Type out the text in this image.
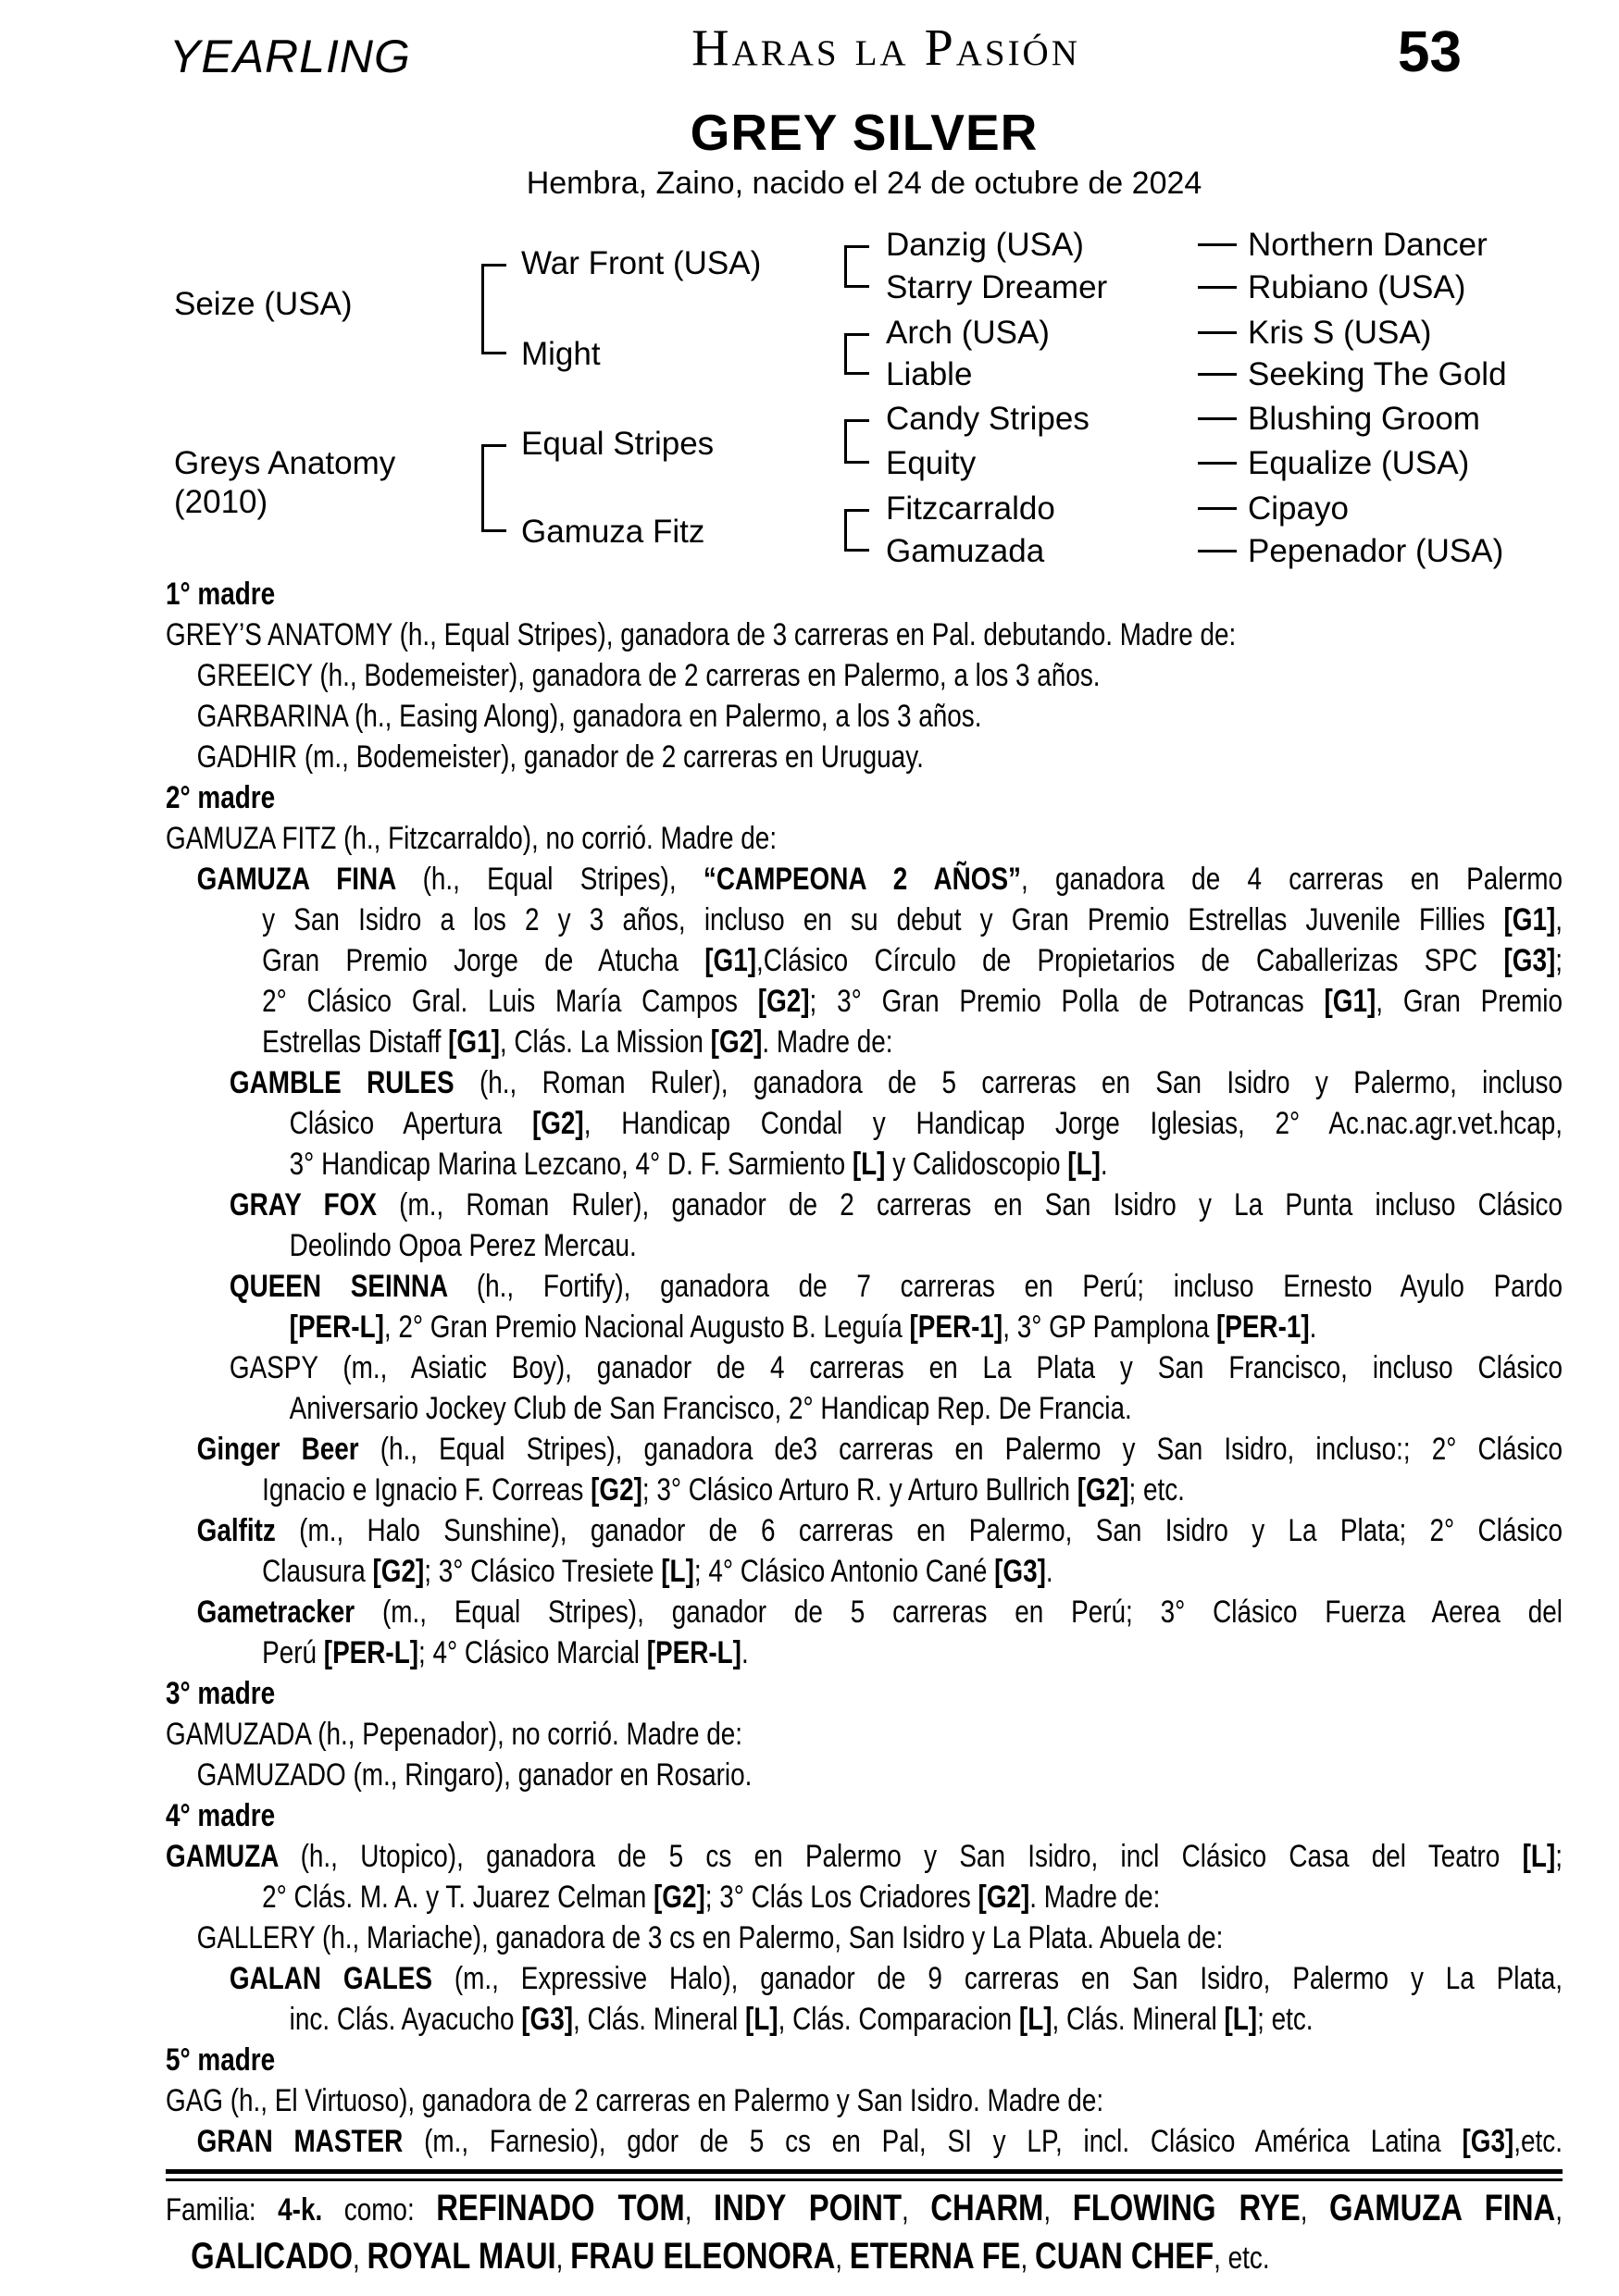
YEARLING	Haras la Pasión	53
GREY SILVER
Hembra, Zaino, nacido el 24 de octubre de 2024
Seize (USA)
Greys Anatomy
(2010)
War Front (USA)
Might
Equal Stripes
Gamuza Fitz
Danzig (USA)
Starry Dreamer
Arch (USA)
Liable
Candy Stripes
Equity
Fitzcarraldo
Gamuzada
Northern Dancer
Rubiano (USA)
Kris S (USA)
Seeking The Gold
Blushing Groom
Equalize (USA)
Cipayo
Pepenador (USA)
1° madre
GREY’S ANATOMY (h., Equal Stripes), ganadora de 3 carreras en Pal. debutando. Madre de:
GREEICY (h., Bodemeister), ganadora de 2 carreras en Palermo, a los 3 años.
GARBARINA (h., Easing Along), ganadora en Palermo, a los 3 años.
GADHIR (m., Bodemeister), ganador de 2 carreras en Uruguay.
2° madre
GAMUZA FITZ (h., Fitzcarraldo), no corrió. Madre de:
GAMUZA FINA (h., Equal Stripes), “CAMPEONA 2 AÑOS”, ganadora de 4 carreras en Palermo
y San Isidro a los 2 y 3 años, incluso en su debut y Gran Premio Estrellas Juvenile Fillies [G1],
Gran Premio Jorge de Atucha [G1],Clásico Círculo de Propietarios de Caballerizas SPC [G3];
2° Clásico Gral. Luis María Campos [G2]; 3° Gran Premio Polla de Potrancas [G1], Gran Premio
Estrellas Distaff [G1], Clás. La Mission [G2]. Madre de:
GAMBLE RULES (h., Roman Ruler), ganadora de 5 carreras en San Isidro y Palermo, incluso
Clásico Apertura [G2], Handicap Condal y Handicap Jorge Iglesias, 2° Ac.nac.agr.vet.hcap,
3° Handicap Marina Lezcano, 4° D. F. Sarmiento [L] y Calidoscopio [L].
GRAY FOX (m., Roman Ruler), ganador de 2 carreras en San Isidro y La Punta incluso Clásico
Deolindo Opoa Perez Mercau.
QUEEN SEINNA (h., Fortify), ganadora de 7 carreras en Perú; incluso Ernesto Ayulo Pardo
[PER-L], 2° Gran Premio Nacional Augusto B. Leguía [PER-1], 3° GP Pamplona [PER-1].
GASPY (m., Asiatic Boy), ganador de 4 carreras en La Plata y San Francisco, incluso Clásico
Aniversario Jockey Club de San Francisco, 2° Handicap Rep. De Francia.
Ginger Beer (h., Equal Stripes), ganadora de3 carreras en Palermo y San Isidro, incluso:; 2° Clásico
Ignacio e Ignacio F. Correas [G2]; 3° Clásico Arturo R. y Arturo Bullrich [G2]; etc.
Galfitz (m., Halo Sunshine), ganador de 6 carreras en Palermo, San Isidro y La Plata; 2° Clásico
Clausura [G2]; 3° Clásico Tresiete [L]; 4° Clásico Antonio Cané [G3].
Gametracker (m., Equal Stripes), ganador de 5 carreras en Perú; 3° Clásico Fuerza Aerea del
Perú [PER-L]; 4° Clásico Marcial [PER-L].
3° madre
GAMUZADA (h., Pepenador), no corrió. Madre de:
GAMUZADO (m., Ringaro), ganador en Rosario.
4° madre
GAMUZA (h., Utopico), ganadora de 5 cs en Palermo y San Isidro, incl Clásico Casa del Teatro [L];
2° Clás. M. A. y T. Juarez Celman [G2]; 3° Clás Los Criadores [G2]. Madre de:
GALLERY (h., Mariache), ganadora de 3 cs en Palermo, San Isidro y La Plata. Abuela de:
GALAN GALES (m., Expressive Halo), ganador de 9 carreras en San Isidro, Palermo y La Plata,
inc. Clás. Ayacucho [G3], Clás. Mineral [L], Clás. Comparacion [L], Clás. Mineral [L]; etc.
5° madre
GAG (h., El Virtuoso), ganadora de 2 carreras en Palermo y San Isidro. Madre de:
GRAN MASTER (m., Farnesio), gdor de 5 cs en Pal, SI y LP, incl. Clásico América Latina [G3],etc.
Familia: 4-k. como: REFINADO TOM, INDY POINT, CHARM, FLOWING RYE, GAMUZA FINA,
GALICADO, ROYAL MAUI, FRAU ELEONORA, ETERNA FE, CUAN CHEF, etc.
